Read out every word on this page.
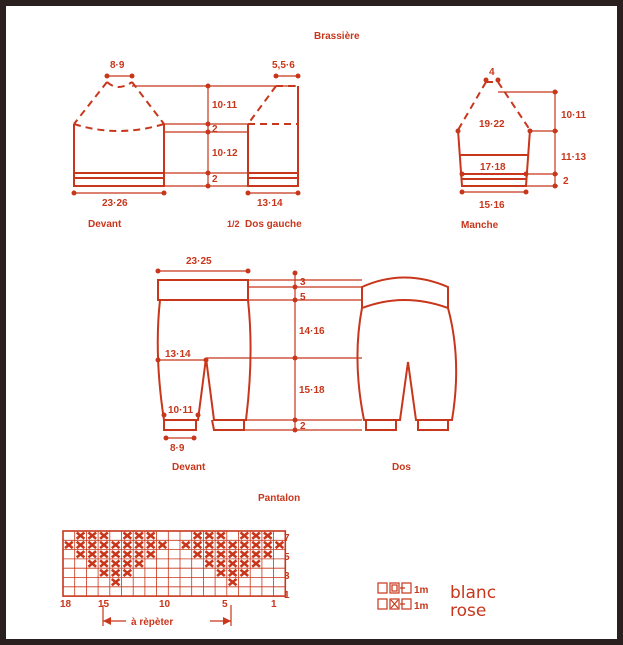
Brassière
8·9
23·26
Devant
10·11
2
10·12
2
5,5·6
13·14
1/2 Dos gauche
4
19·22
17·18
15·16
Manche
10·11
11·13
2
23·25
13·14
10·11
8·9
Devant
3
5
14·16
15·18
2
Dos
Pantalon
7
5
3
1
18	15	10	5	1
à rèpèter
1m blanc
1m rose
